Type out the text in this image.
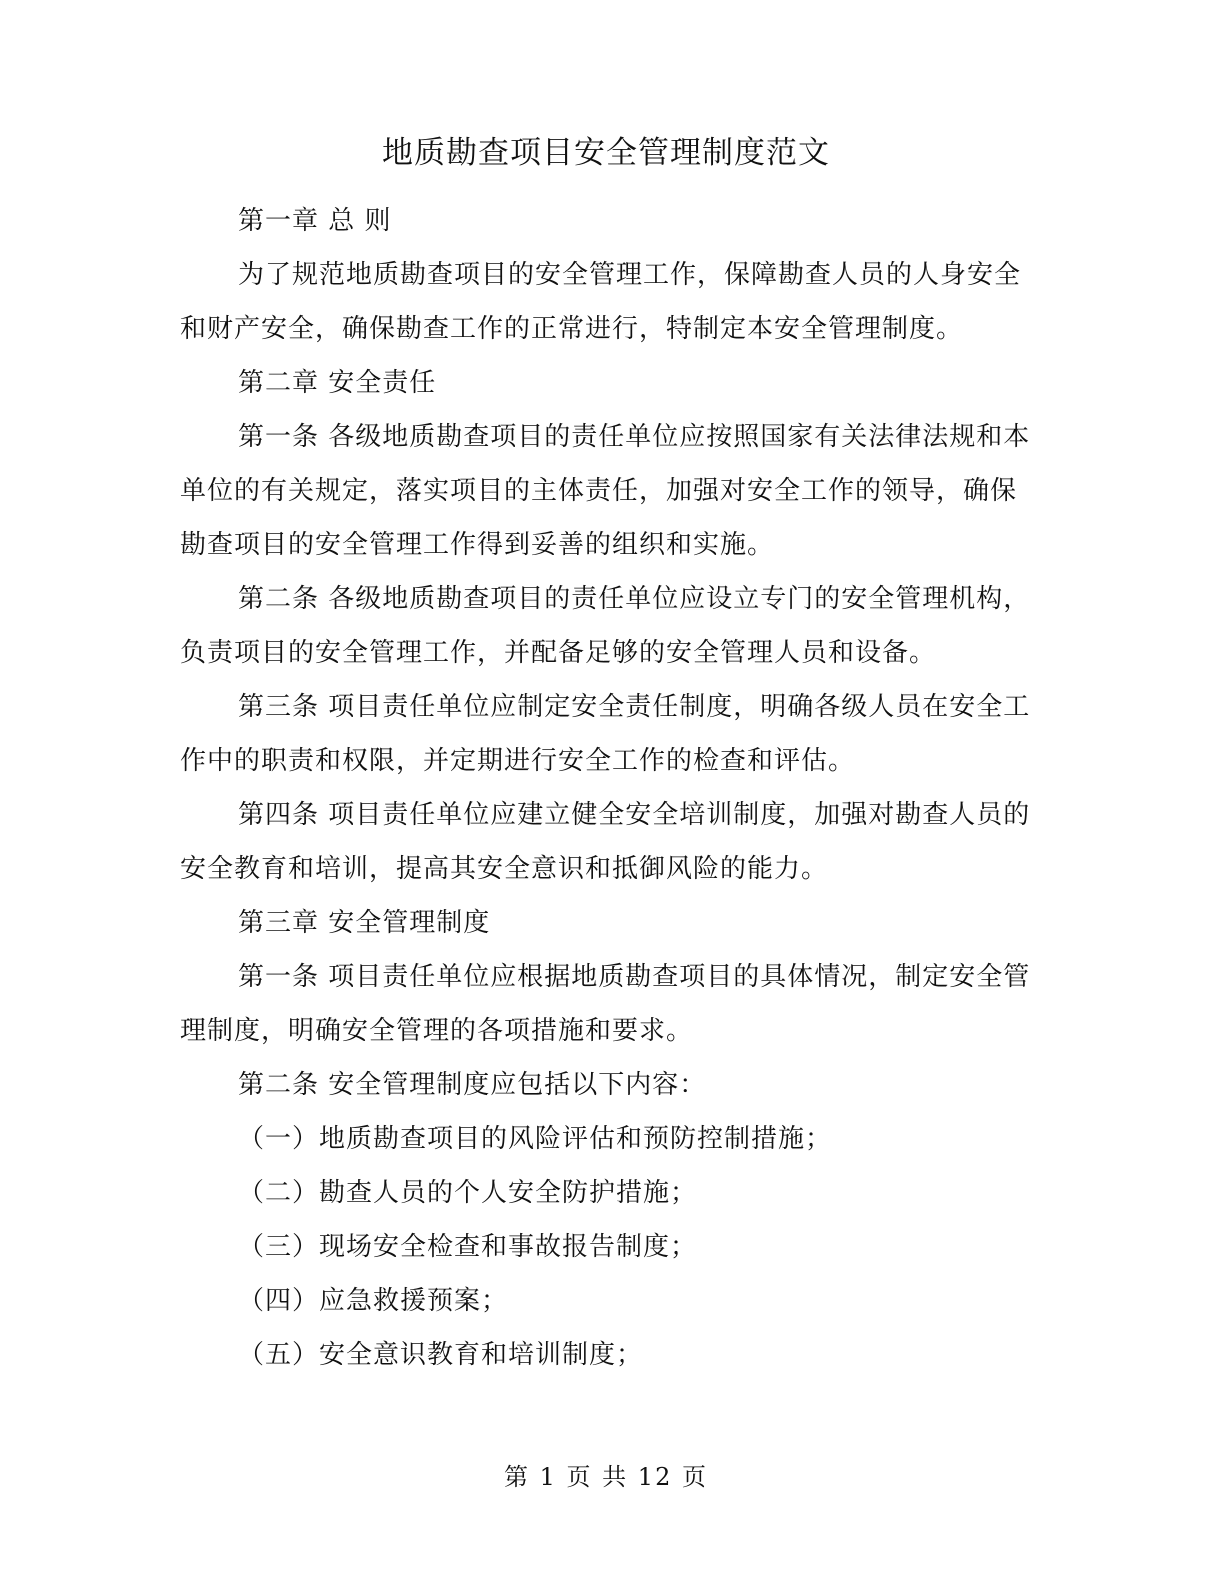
地质勘查项目安全管理制度范文

第一章 总 则

为了规范地质勘查项目的安全管理工作，保障勘查人员的人身安全和财产安全，确保勘查工作的正常进行，特制定本安全管理制度。

第二章 安全责任

第一条 各级地质勘查项目的责任单位应按照国家有关法律法规和本单位的有关规定，落实项目的主体责任，加强对安全工作的领导，确保勘查项目的安全管理工作得到妥善的组织和实施。

第二条 各级地质勘查项目的责任单位应设立专门的安全管理机构，负责项目的安全管理工作，并配备足够的安全管理人员和设备。

第三条 项目责任单位应制定安全责任制度，明确各级人员在安全工作中的职责和权限，并定期进行安全工作的检查和评估。

第四条 项目责任单位应建立健全安全培训制度，加强对勘查人员的安全教育和培训，提高其安全意识和抵御风险的能力。

第三章 安全管理制度

第一条 项目责任单位应根据地质勘查项目的具体情况，制定安全管理制度，明确安全管理的各项措施和要求。

第二条 安全管理制度应包括以下内容：

（一）地质勘查项目的风险评估和预防控制措施；

（二）勘查人员的个人安全防护措施；

（三）现场安全检查和事故报告制度；

（四）应急救援预案；

（五）安全意识教育和培训制度；

第 1 页 共 12 页
